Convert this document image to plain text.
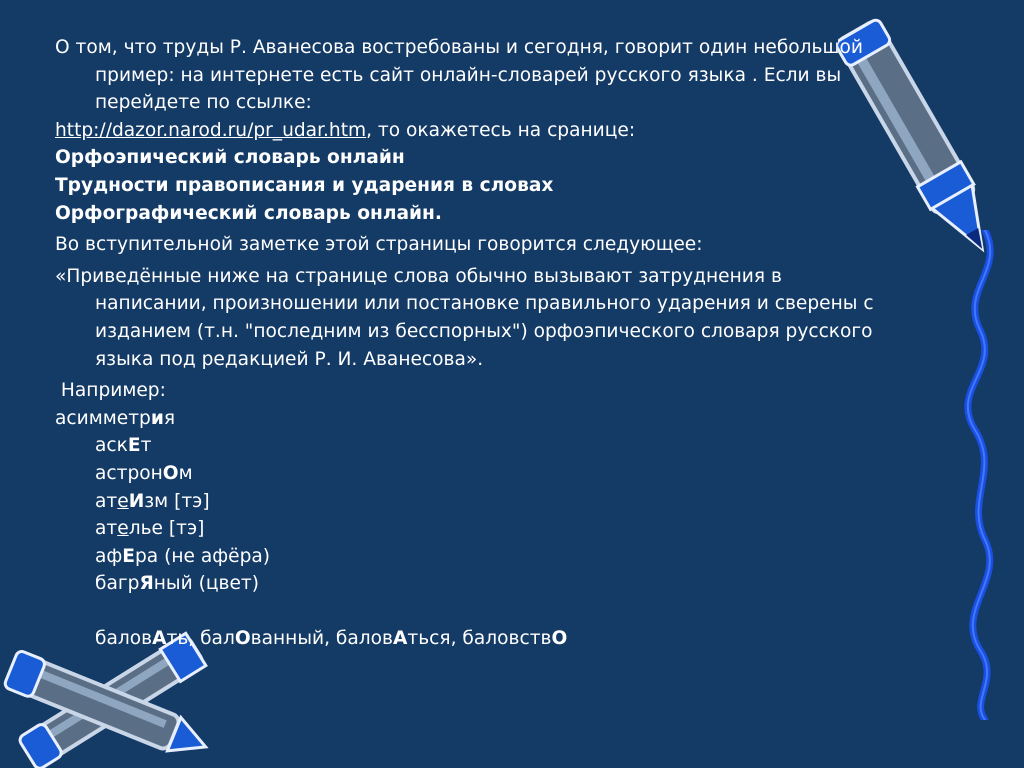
О том, что труды Р. Аванесова востребованы и сегодня, говорит один небольшой пример: на интернете есть сайт онлайн-словарей русского языка . Если вы перейдете по ссылке:
http://dazor.narod.ru/pr_udar.htm, то окажетесь на сранице:
Орфоэпический словарь онлайн
Трудности правописания и ударения в словах
Орфографический словарь онлайн.

Во вступительной заметке этой страницы говорится следующее:

«Приведённые ниже на странице слова обычно вызывают затруднения в написании, произношении или постановке правильного ударения и сверены с изданием (т.н. "последним из бесспорных") орфоэпического словаря русского языка под редакцией Р. И. Аванесова».

Например:

асимметрия
аскЕт
астронОм
атеИзм [тэ]
ателье [тэ]
афЕра (не афёра)
багрЯный (цвет)
баловАть, балОванный, баловАться, баловствО
